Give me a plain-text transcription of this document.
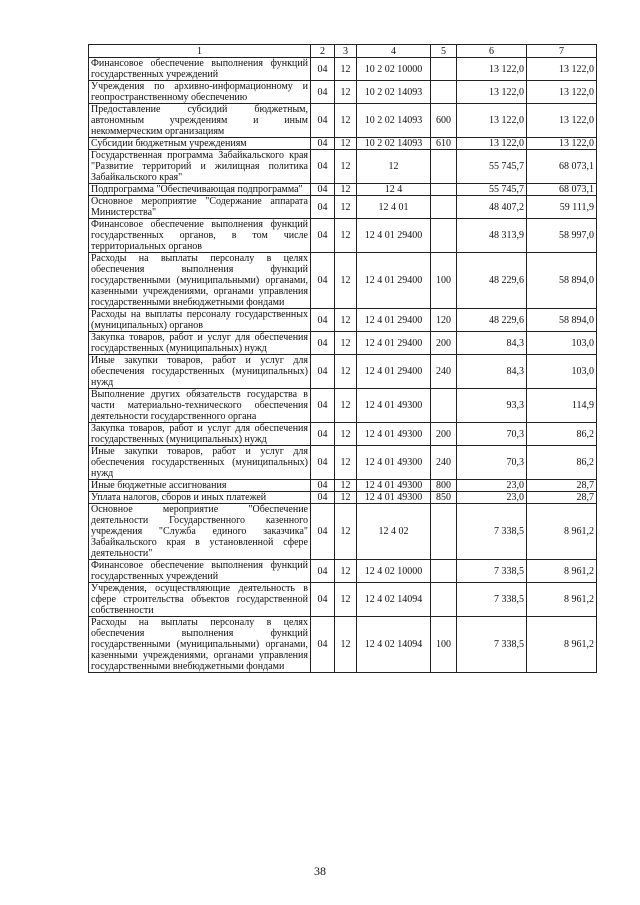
1	2	3	4	5	6	7
Финансовое обеспечение выполнения функций государственных учреждений	04	12	10 2 02 10000		13 122,0	13 122,0
Учреждения по архивно-информационному и геопространственному обеспечению	04	12	10 2 02 14093		13 122,0	13 122,0
Предоставление субсидий бюджетным, автономным учреждениям и иным некоммерческим организациям	04	12	10 2 02 14093	600	13 122,0	13 122,0
Субсидии бюджетным учреждениям	04	12	10 2 02 14093	610	13 122,0	13 122,0
Государственная программа Забайкальского края "Развитие территорий и жилищная политика Забайкальского края"	04	12	12		55 745,7	68 073,1
Подпрограмма "Обеспечивающая подпрограмма"	04	12	12 4		55 745,7	68 073,1
Основное мероприятие "Содержание аппарата Министерства"	04	12	12 4 01		48 407,2	59 111,9
Финансовое обеспечение выполнения функций государственных органов, в том числе территориальных органов	04	12	12 4 01 29400		48 313,9	58 997,0
Расходы на выплаты персоналу в целях обеспечения выполнения функций государственными (муниципальными) органами, казенными учреждениями, органами управления государственными внебюджетными фондами	04	12	12 4 01 29400	100	48 229,6	58 894,0
Расходы на выплаты персоналу государственных (муниципальных) органов	04	12	12 4 01 29400	120	48 229,6	58 894,0
Закупка товаров, работ и услуг для обеспечения государственных (муниципальных) нужд	04	12	12 4 01 29400	200	84,3	103,0
Иные закупки товаров, работ и услуг для обеспечения государственных (муниципальных) нужд	04	12	12 4 01 29400	240	84,3	103,0
Выполнение других обязательств государства в части материально-технического обеспечения деятельности государственного органа	04	12	12 4 01 49300		93,3	114,9
Закупка товаров, работ и услуг для обеспечения государственных (муниципальных) нужд	04	12	12 4 01 49300	200	70,3	86,2
Иные закупки товаров, работ и услуг для обеспечения государственных (муниципальных) нужд	04	12	12 4 01 49300	240	70,3	86,2
Иные бюджетные ассигнования	04	12	12 4 01 49300	800	23,0	28,7
Уплата налогов, сборов и иных платежей	04	12	12 4 01 49300	850	23,0	28,7
Основное мероприятие "Обеспечение деятельности Государственного казенного учреждения "Служба единого заказчика" Забайкальского края в установленной сфере деятельности"	04	12	12 4 02		7 338,5	8 961,2
Финансовое обеспечение выполнения функций государственных учреждений	04	12	12 4 02 10000		7 338,5	8 961,2
Учреждения, осуществляющие деятельность в сфере строительства объектов государственной собственности	04	12	12 4 02 14094		7 338,5	8 961,2
Расходы на выплаты персоналу в целях обеспечения выполнения функций государственными (муниципальными) органами, казенными учреждениями, органами управления государственными внебюджетными фондами	04	12	12 4 02 14094	100	7 338,5	8 961,2
38
